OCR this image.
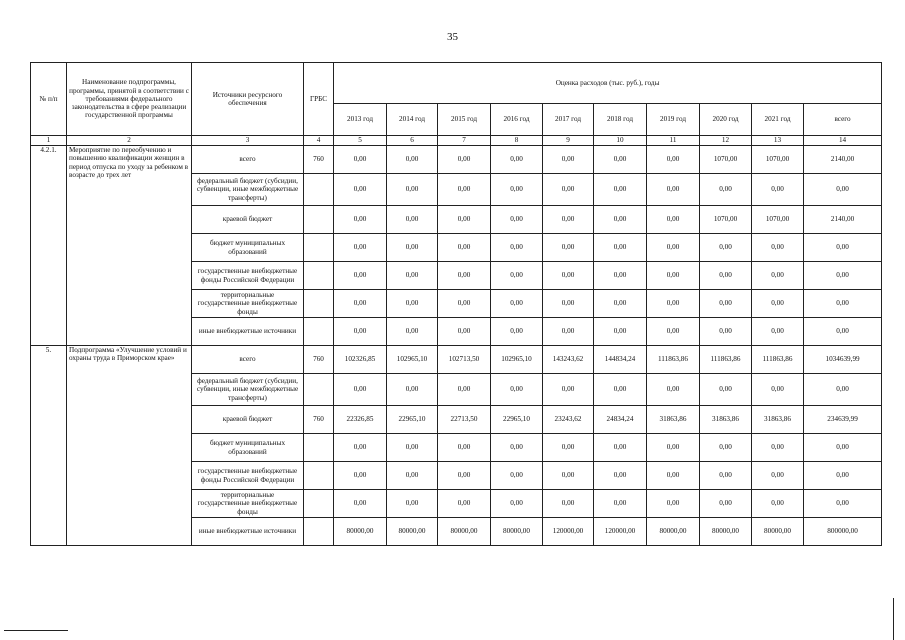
35
№ п/п	Наименование подпрограммы, программы, принятой в соответствии с требованиями федерального законодательства в сфере реализации государственной программы	Источники ресурсного обеспечения	ГРБС	Оценка расходов (тыс. руб.), годы									
				2013 год	2014 год	2015 год	2016 год	2017 год	2018 год	2019 год	2020 год	2021 год	всего
1	2	3	4	5	6	7	8	9	10	11	12	13	14
4.2.1.	Мероприятие по переобучению и повышению квалификации женщин в период отпуска по уходу за ребенком в возрасте до трех лет	всего	760	0,00	0,00	0,00	0,00	0,00	0,00	0,00	1070,00	1070,00	2140,00
		федеральный бюджет (субсидии, субвенции, иные межбюджетные трансферты)		0,00	0,00	0,00	0,00	0,00	0,00	0,00	0,00	0,00	0,00
		краевой бюджет		0,00	0,00	0,00	0,00	0,00	0,00	0,00	1070,00	1070,00	2140,00
		бюджет муниципальных образований		0,00	0,00	0,00	0,00	0,00	0,00	0,00	0,00	0,00	0,00
		государственные внебюджетные фонды Российской Федерации		0,00	0,00	0,00	0,00	0,00	0,00	0,00	0,00	0,00	0,00
		территориальные государственные внебюджетные фонды		0,00	0,00	0,00	0,00	0,00	0,00	0,00	0,00	0,00	0,00
		иные внебюджетные источники		0,00	0,00	0,00	0,00	0,00	0,00	0,00	0,00	0,00	0,00
5.	Подпрограмма «Улучшение условий и охраны труда в Приморском крае»	всего	760	102326,85	102965,10	102713,50	102965,10	143243,62	144834,24	111863,86	111863,86	111863,86	1034639,99
		федеральный бюджет (субсидии, субвенции, иные межбюджетные трансферты)		0,00	0,00	0,00	0,00	0,00	0,00	0,00	0,00	0,00	0,00
		краевой бюджет	760	22326,85	22965,10	22713,50	22965,10	23243,62	24834,24	31863,86	31863,86	31863,86	234639,99
		бюджет муниципальных образований		0,00	0,00	0,00	0,00	0,00	0,00	0,00	0,00	0,00	0,00
		государственные внебюджетные фонды Российской Федерации		0,00	0,00	0,00	0,00	0,00	0,00	0,00	0,00	0,00	0,00
		территориальные государственные внебюджетные фонды		0,00	0,00	0,00	0,00	0,00	0,00	0,00	0,00	0,00	0,00
		иные внебюджетные источники		80000,00	80000,00	80000,00	80000,00	120000,00	120000,00	80000,00	80000,00	80000,00	800000,00
